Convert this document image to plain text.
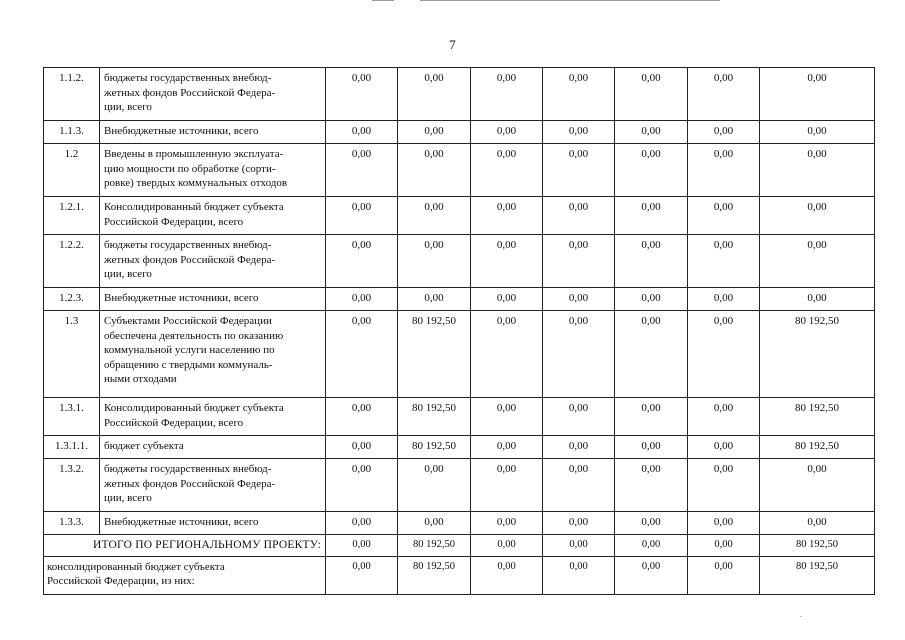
7
1.1.2.	бюджеты государственных внебюд-
жетных фондов Российской Федера-
ции, всего	0,00	0,00	0,00	0,00	0,00	0,00	0,00
1.1.3.	Внебюджетные источники, всего	0,00	0,00	0,00	0,00	0,00	0,00	0,00
1.2	Введены в промышленную эксплуата-
цию мощности по обработке (сорти-
ровке) твердых коммунальных отходов	0,00	0,00	0,00	0,00	0,00	0,00	0,00
1.2.1.	Консолидированный бюджет субъекта
Российской Федерации, всего	0,00	0,00	0,00	0,00	0,00	0,00	0,00
1.2.2.	бюджеты государственных внебюд-
жетных фондов Российской Федера-
ции, всего	0,00	0,00	0,00	0,00	0,00	0,00	0,00
1.2.3.	Внебюджетные источники, всего	0,00	0,00	0,00	0,00	0,00	0,00	0,00
1.3	Субъектами Российской Федерации
обеспечена деятельность по оказанию
коммунальной услуги населению по
обращению с твердыми коммуналь-
ными отходами	0,00	80 192,50	0,00	0,00	0,00	0,00	80 192,50
1.3.1.	Консолидированный бюджет субъекта
Российской Федерации, всего	0,00	80 192,50	0,00	0,00	0,00	0,00	80 192,50
1.3.1.1.	бюджет субъекта	0,00	80 192,50	0,00	0,00	0,00	0,00	80 192,50
1.3.2.	бюджеты государственных внебюд-
жетных фондов Российской Федера-
ции, всего	0,00	0,00	0,00	0,00	0,00	0,00	0,00
1.3.3.	Внебюджетные источники, всего	0,00	0,00	0,00	0,00	0,00	0,00	0,00
ИТОГО ПО РЕГИОНАЛЬНОМУ ПРОЕКТУ:		0,00	80 192,50	0,00	0,00	0,00	0,00	80 192,50
консолидированный бюджет субъекта
Российской Федерации, из них:		0,00	80 192,50	0,00	0,00	0,00	0,00	80 192,50
